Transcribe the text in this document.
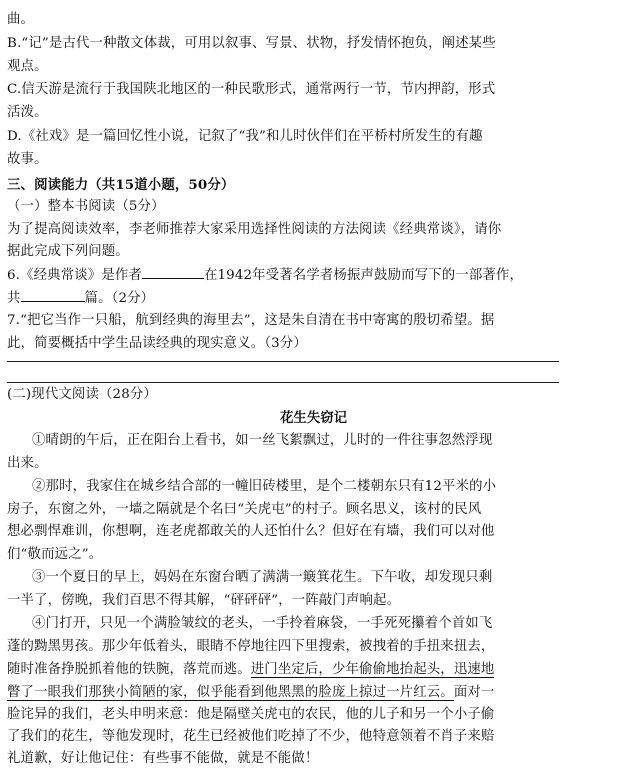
曲。
B.“记”是古代一种散文体裁，可用以叙事、写景、状物，抒发情怀抱负，阐述某些
观点。
C.信天游是流行于我国陕北地区的一种民歌形式，通常两行一节，节内押韵，形式
活泼。
D.《社戏》是一篇回忆性小说，记叙了“我”和儿时伙伴们在平桥村所发生的有趣
故事。
三、阅读能力（共15道小题，50分）
（一）整本书阅读（5分）
为了提高阅读效率，李老师推荐大家采用选择性阅读的方法阅读《经典常谈》，请你
据此完成下列问题。
6.《经典常谈》是作者	在1942年受著名学者杨振声鼓励而写下的一部著作，
共	篇。（2分）
7.“把它当作一只船，航到经典的海里去”，这是朱自清在书中寄寓的殷切希望。据
此，简要概括中学生品读经典的现实意义。（3分）
(二)现代文阅读（28分）
花生失窃记
①晴朗的午后，正在阳台上看书，如一丝飞絮飘过，儿时的一件往事忽然浮现
出来。
②那时，我家住在城乡结合部的一幢旧砖楼里，是个二楼朝东只有12平米的小
房子，东窗之外，一墙之隔就是个名曰“关虎屯”的村子。顾名思义，该村的民风
想必剽悍难训，你想啊，连老虎都敢关的人还怕什么？但好在有墙，我们可以对他
们“敬而远之”。
③一个夏日的早上，妈妈在东窗台晒了满满一簸箕花生。下午收，却发现只剩
一半了，傍晚，我们百思不得其解，“砰砰砰”，一阵敲门声响起。
④门打开，只见一个满脸皱纹的老头，一手拎着麻袋，一手死死攥着个首如飞
蓬的黝黑男孩。那少年低着头，眼睛不停地往四下里搜索，被拽着的手扭来扭去，
随时准备挣脱抓着他的铁腕，落荒而逃。进门坐定后，少年偷偷地抬起头，迅速地
瞥了一眼我们那狭小简陋的家，似乎能看到他黑黑的脸庞上掠过一片红云。面对一
脸诧异的我们，老头申明来意：他是隔壁关虎屯的农民，他的儿子和另一个小子偷
了我们的花生，等他发现时，花生已经被他们吃掉了不少，他特意领着不肖子来赔
礼道歉，好让他记住：有些事不能做，就是不能做！
